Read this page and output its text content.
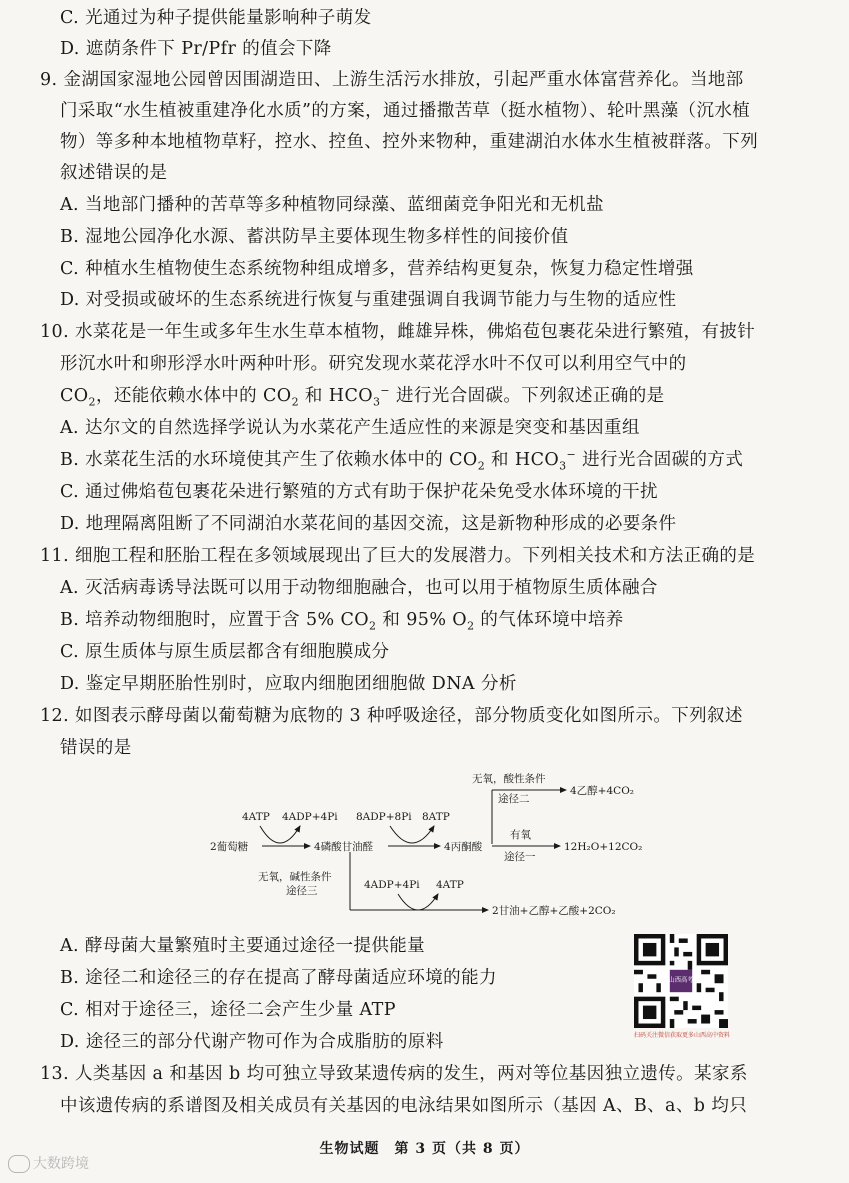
C. 光通过为种子提供能量影响种子萌发
D. 遮荫条件下 Pr/Pfr 的值会下降
9. 金湖国家湿地公园曾因围湖造田、上游生活污水排放，引起严重水体富营养化。当地部
门采取“水生植被重建净化水质”的方案，通过播撒苦草（挺水植物）、轮叶黑藻（沉水植
物）等多种本地植物草籽，控水、控鱼、控外来物种，重建湖泊水体水生植被群落。下列
叙述错误的是
A. 当地部门播种的苦草等多种植物同绿藻、蓝细菌竞争阳光和无机盐
B. 湿地公园净化水源、蓄洪防旱主要体现生物多样性的间接价值
C. 种植水生植物使生态系统物种组成增多，营养结构更复杂，恢复力稳定性增强
D. 对受损或破坏的生态系统进行恢复与重建强调自我调节能力与生物的适应性
10. 水菜花是一年生或多年生水生草本植物，雌雄异株，佛焰苞包裹花朵进行繁殖，有披针
形沉水叶和卵形浮水叶两种叶形。研究发现水菜花浮水叶不仅可以利用空气中的
$CO_2$，还能依赖水体中的 $CO_2$ 和 $HCO_3^-$ 进行光合固碳。下列叙述正确的是
A. 达尔文的自然选择学说认为水菜花产生适应性的来源是突变和基因重组
B. 水菜花生活的水环境使其产生了依赖水体中的 $CO_2$ 和 $HCO_3^-$ 进行光合固碳的方式
C. 通过佛焰苞包裹花朵进行繁殖的方式有助于保护花朵免受水体环境的干扰
D. 地理隔离阻断了不同湖泊水菜花间的基因交流，这是新物种形成的必要条件
11. 细胞工程和胚胎工程在多领域展现出了巨大的发展潜力。下列相关技术和方法正确的是
A. 灭活病毒诱导法既可以用于动物细胞融合，也可以用于植物原生质体融合
B. 培养动物细胞时，应置于含 5% $CO_2$ 和 95% $O_2$ 的气体环境中培养
C. 原生质体与原生质层都含有细胞膜成分
D. 鉴定早期胚胎性别时，应取内细胞团细胞做 DNA 分析
12. 如图表示酵母菌以葡萄糖为底物的 3 种呼吸途径，部分物质变化如图所示。下列叙述
错误的是
2葡萄糖	4磷酸甘油醛	4丙酮酸
4ATP 4ADP+4Pi 8ADP+8Pi 8ATP
无氧，酸性条件
途径二
4乙醇+4CO₂
有氧
途径一
12H₂O+12CO₂
无氧，碱性条件
途径三	4ADP+4Pi 4ATP
2甘油+乙醇+乙酸+2CO₂
A. 酵母菌大量繁殖时主要通过途径一提供能量
B. 途径二和途径三的存在提高了酵母菌适应环境的能力
C. 相对于途径三，途径二会产生少量 ATP
D. 途径三的部分代谢产物可作为合成脂肪的原料
山西高考
扫码关注微信获取更多山西高中资料
13. 人类基因 a 和基因 b 均可独立导致某遗传病的发生，两对等位基因独立遗传。某家系
中该遗传病的系谱图及相关成员有关基因的电泳结果如图所示（基因 A、B、a、b 均只
生物试题　第 3 页（共 8 页）
大数跨境
